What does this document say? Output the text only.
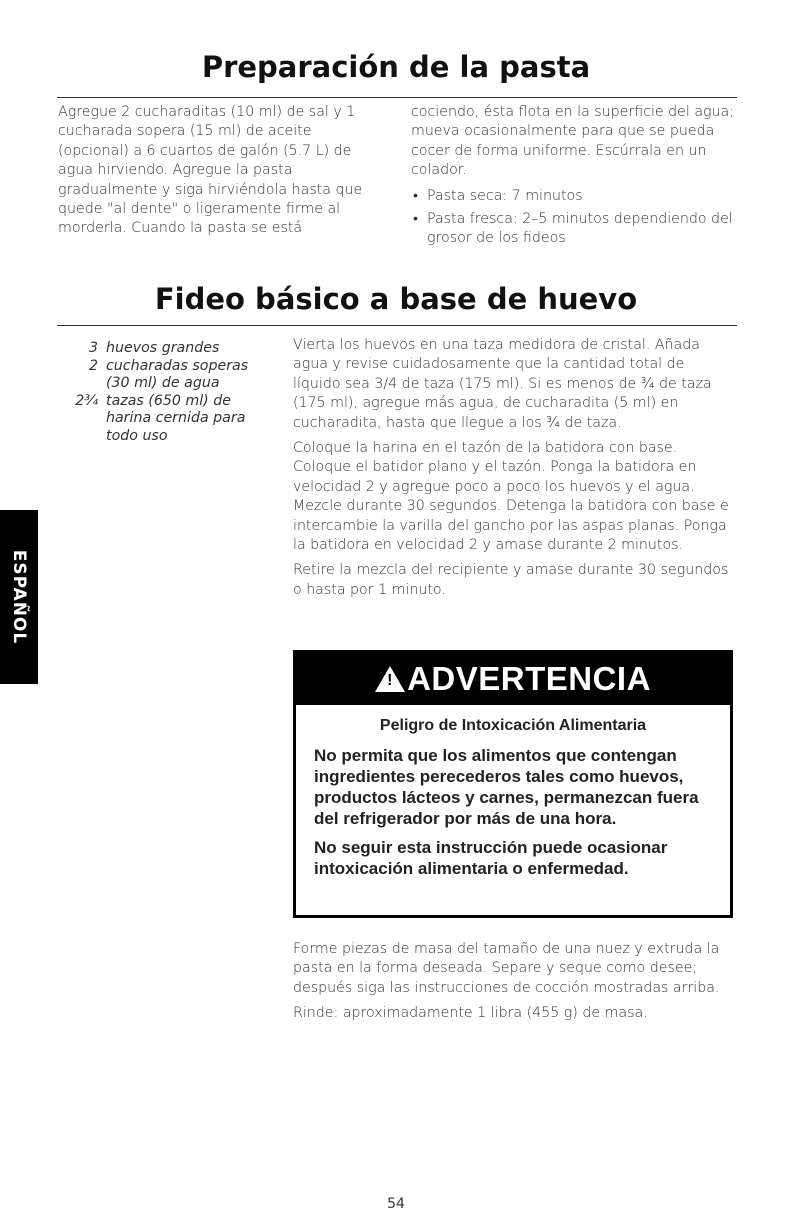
Preparación de la pasta

Agregue 2 cucharaditas (10 ml) de sal y 1 cucharada sopera (15 ml) de aceite (opcional) a 6 cuartos de galón (5.7 L) de agua hirviendo. Agregue la pasta gradualmente y siga hirviéndola hasta que quede "al dente" o ligeramente firme al morderla. Cuando la pasta se está

cociendo, ésta flota en la superficie del agua; mueva ocasionalmente para que se pueda cocer de forma uniforme. Escúrrala en un colador.

• Pasta seca: 7 minutos
• Pasta fresca: 2–5 minutos dependiendo del grosor de los fideos
Fideo básico a base de huevo
3 huevos grandes
2 cucharadas soperas (30 ml) de agua
2¾ tazas (650 ml) de harina cernida para todo uso

Vierta los huevos en una taza medidora de cristal. Añada agua y revise cuidadosamente que la cantidad total de líquido sea 3/4 de taza (175 ml). Si es menos de ¾ de taza (175 ml), agregue más agua, de cucharadita (5 ml) en cucharadita, hasta que llegue a los ¾ de taza.

Coloque la harina en el tazón de la batidora con base. Coloque el batidor plano y el tazón. Ponga la batidora en velocidad 2 y agregue poco a poco los huevos y el agua. Mezcle durante 30 segundos. Detenga la batidora con base e intercambie la varilla del gancho por las aspas planas. Ponga la batidora en velocidad 2 y amase durante 2 minutos.

Retire la mezcla del recipiente y amase durante 30 segundos o hasta por 1 minuto.

ESPAÑOL
! ADVERTENCIA
Peligro de Intoxicación Alimentaria

No permita que los alimentos que contengan ingredientes perecederos tales como huevos, productos lácteos y carnes, permanezcan fuera del refrigerador por más de una hora.

No seguir esta instrucción puede ocasionar intoxicación alimentaria o enfermedad.

Forme piezas de masa del tamaño de una nuez y extruda la pasta en la forma deseada. Separe y seque como desee; después siga las instrucciones de cocción mostradas arriba.

Rinde: aproximadamente 1 libra (455 g) de masa.

54
